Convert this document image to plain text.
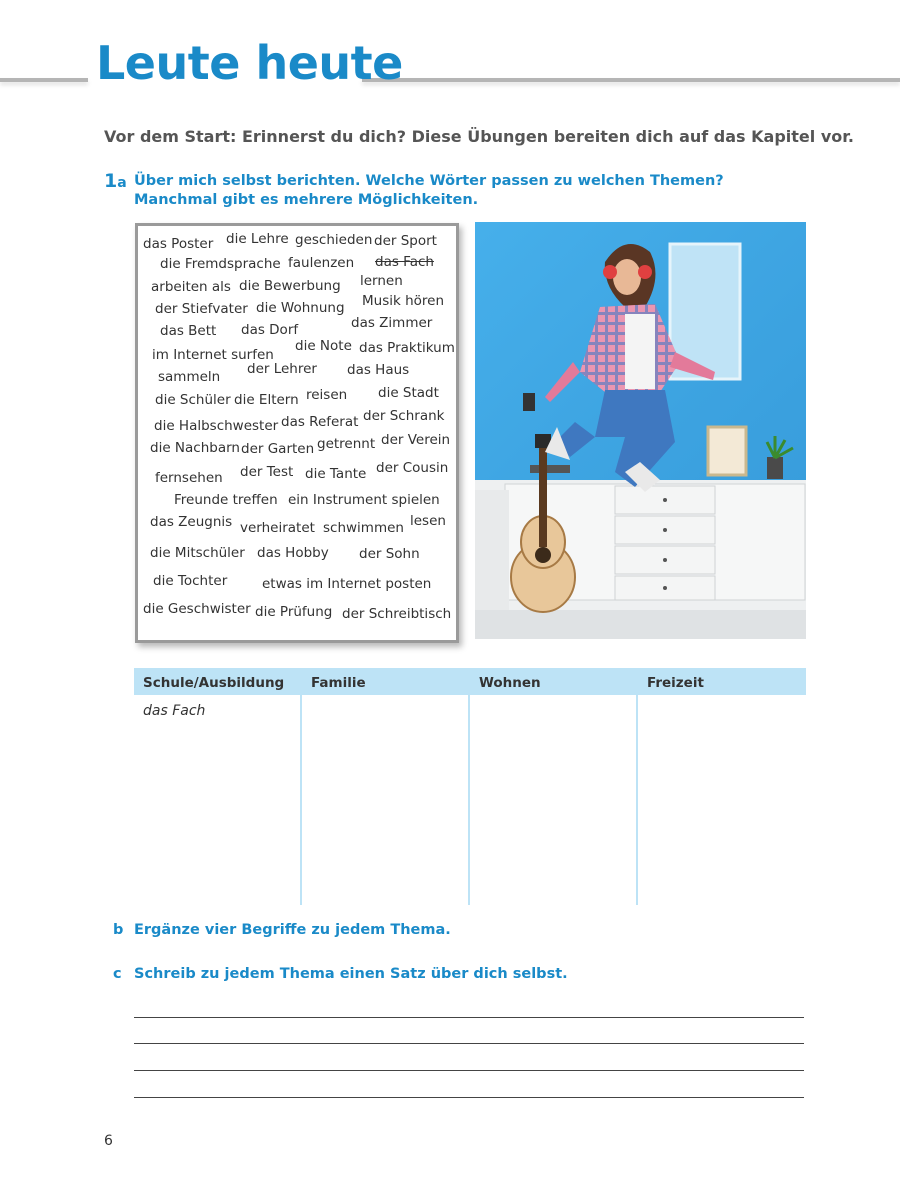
Leute heute
Vor dem Start: Erinnerst du dich? Diese Übungen bereiten dich auf das Kapitel vor.
1a Über mich selbst berichten. Welche Wörter passen zu welchen Themen? Manchmal gibt es mehrere Möglichkeiten.
das Poster die Lehre geschieden der Sport
die Fremdsprache faulenzen das Fach
arbeiten als die Bewerbung lernen
der Stiefvater die Wohnung Musik hören
das Bett das Dorf	das Zimmer
im Internet surfen
die Note das Praktikum
sammeln der Lehrer das Haus
die Schüler die Eltern reisen die Stadt
die Halbschwester das Referat der Schrank
die Nachbarn der Garten getrennt der Verein
fernsehen der Test die Tante der Cousin
Freunde treffen ein Instrument spielen
das Zeugnis verheiratet schwimmen lesen
die Mitschüler das Hobby der Sohn
die Tochter	etwas im Internet posten
die Geschwister die Prüfung der Schreibtisch
Schule/Ausbildung	Familie	Wohnen	Freizeit
das Fach
b Ergänze vier Begriffe zu jedem Thema.
c Schreib zu jedem Thema einen Satz über dich selbst.
6
